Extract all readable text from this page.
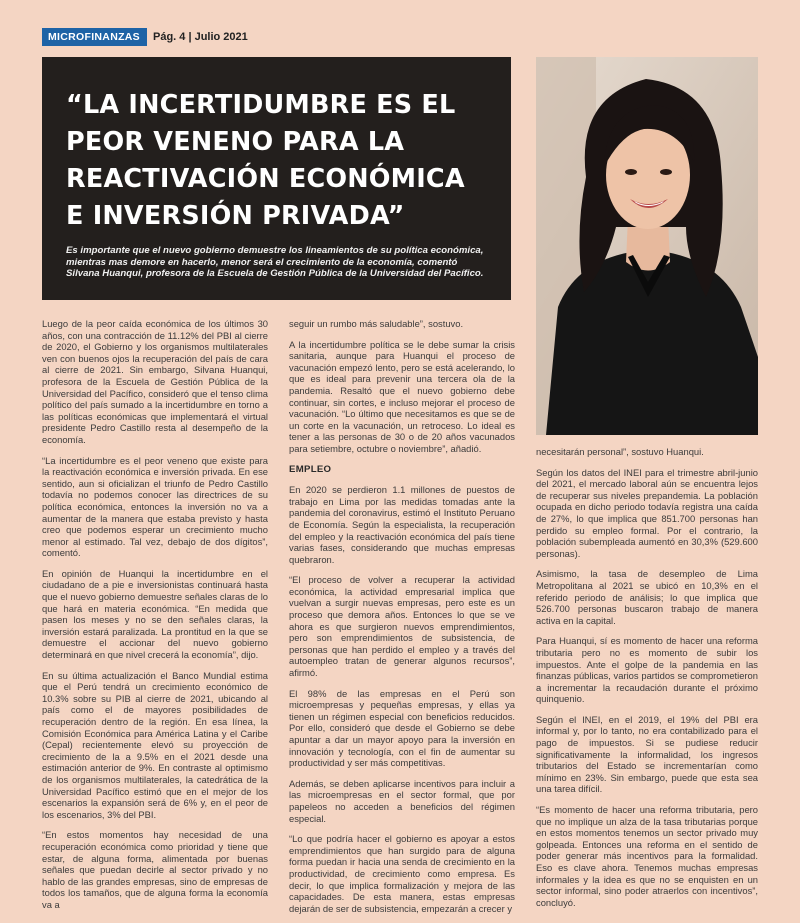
MICROFINANZAS	Pág. 4 | Julio 2021
“LA INCERTIDUMBRE ES EL PEOR VENENO PARA LA REACTIVACIÓN ECONÓMICA E INVERSIÓN PRIVADA”

Es importante que el nuevo gobierno demuestre los lineamientos de su política económica, mientras mas demore en hacerlo, menor será el crecimiento de la economía, comentó Silvana Huanqui, profesora de la Escuela de Gestión Pública de la Universidad del Pacífico.

Luego de la peor caída económica de los últimos 30 años, con una contracción de 11.12% del PBI al cierre de 2020, el Gobierno y los organismos multilaterales ven con buenos ojos la recuperación del país de cara al cierre de 2021. Sin embargo, Silvana Huanqui, profesora de la Escuela de Gestión Pública de la Universidad del Pacífico, consideró que el tenso clima político del país sumado a la incertidumbre en torno a las políticas económicas que implementará el virtual presidente Pedro Castillo resta al desempeño de la economía.

“La incertidumbre es el peor veneno que existe para la reactivación económica e inversión privada. En ese sentido, aun si oficializan el triunfo de Pedro Castillo todavía no podemos conocer las directrices de su política económica, entonces la inversión no va a aumentar de la manera que estaba previsto y hasta creo que podemos esperar un crecimiento mucho menor al estimado. Tal vez, debajo de dos dígitos”, comentó.

En opinión de Huanqui la incertidumbre en el ciudadano de a pie e inversionistas continuará hasta que el nuevo gobierno demuestre señales claras de lo que hará en materia económica. “En medida que pasen los meses y no se den señales claras, la inversión estará paralizada. La prontitud en la que se demuestre el accionar del nuevo gobierno determinará en que nivel crecerá la economía”, dijo.

En su última actualización el Banco Mundial estima que el Perú tendrá un crecimiento económico de 10.3% sobre su PIB al cierre de 2021, ubicando al país como el de mayores posibilidades de recuperación dentro de la región. En esa línea, la Comisión Económica para América Latina y el Caribe (Cepal) recientemente elevó su proyección de crecimiento de la a 9.5% en el 2021 desde una estimación anterior de 9%. En contraste al optimismo de los organismos multilaterales, la catedrática de la Universidad Pacífico estimó que en el mejor de los escenarios la expansión será de 6% y, en el peor de los escenarios, 3% del PBI.

“En estos momentos hay necesidad de una recuperación económica como prioridad y tiene que estar, de alguna forma, alimentada por buenas señales que puedan decirle al sector privado y no hablo de las grandes empresas, sino de empresas de todos los tamaños, que de alguna forma la economía va a

seguir un rumbo más saludable”, sostuvo.

A la incertidumbre política se le debe sumar la crisis sanitaria, aunque para Huanqui el proceso de vacunación empezó lento, pero se está acelerando, lo que es ideal para prevenir una tercera ola de la pandemia. Resaltó que el nuevo gobierno debe continuar, sin cortes, e incluso mejorar el proceso de vacunación. “Lo último que necesitamos es que se de un corte en la vacunación, un retroceso. Lo ideal es tener a las personas de 30 o de 20 años vacunados para setiembre, octubre o noviembre”, añadió.

EMPLEO

En 2020 se perdieron 1.1 millones de puestos de trabajo en Lima por las medidas tomadas ante la pandemia del coronavirus, estimó el Instituto Peruano de Economía. Según la especialista, la recuperación del empleo y la reactivación económica del país tiene varias fases, considerando que muchas empresas quebraron.

“El proceso de volver a recuperar la actividad económica, la actividad empresarial implica que vuelvan a surgir nuevas empresas, pero este es un proceso que demora años. Entonces lo que se ve ahora es que surgieron nuevos emprendimientos, pero son emprendimientos de subsistencia, de personas que han perdido el empleo y a través del autoempleo tratan de generar algunos recursos”, afirmó.

El 98% de las empresas en el Perú son microempresas y pequeñas empresas, y ellas ya tienen un régimen especial con beneficios reducidos. Por ello, consideró que desde el Gobierno se debe apuntar a dar un mayor apoyo para la inversión en innovación y tecnología, con el fin de aumentar su productividad y ser más competitivas.

Además, se deben aplicarse incentivos para incluir a las microempresas en el sector formal, que por papeleos no acceden a beneficios del régimen especial.

“Lo que podría hacer el gobierno es apoyar a estos emprendimientos que han surgido para de alguna forma puedan ir hacia una senda de crecimiento en la productividad, de crecimiento como empresa. Es decir, lo que implica formalización y mejora de las capacidades. De esta manera, estas empresas dejarán de ser de subsistencia, empezarán a crecer y

necesitarán personal”, sostuvo Huanqui.

Según los datos del INEI para el trimestre abril-junio del 2021, el mercado laboral aún se encuentra lejos de recuperar sus niveles prepandemia. La población ocupada en dicho periodo todavía registra una caída de 27%, lo que implica que 851.700 personas han perdido su empleo formal. Por el contrario, la población subempleada aumentó en 30,3% (529.600 personas).

Asimismo, la tasa de desempleo de Lima Metropolitana al 2021 se ubicó en 10,3% en el referido periodo de análisis; lo que implica que 526.700 personas buscaron trabajo de manera activa en la capital.

Para Huanqui, sí es momento de hacer una reforma tributaria pero no es momento de subir los impuestos. Ante el golpe de la pandemia en las finanzas públicas, varios partidos se comprometieron a incrementar la recaudación durante el próximo quinquenio.

Según el INEI, en el 2019, el 19% del PBI era informal y, por lo tanto, no era contabilizado para el pago de impuestos. Si se pudiese reducir significativamente la informalidad, los ingresos tributarios del Estado se incrementarían como mínimo en 23%. Sin embargo, puede que esta sea una tarea difícil.

“Es momento de hacer una reforma tributaria, pero que no implique un alza de la tasa tributarias porque en estos momentos tenemos un sector privado muy golpeada. Entonces una reforma en el sentido de poder generar más incentivos para la formalidad. Eso es clave ahora. Tenemos muchas empresas informales y la idea es que no se enquisten en un sector informal, sino poder atraerlos con incentivos”, concluyó.
